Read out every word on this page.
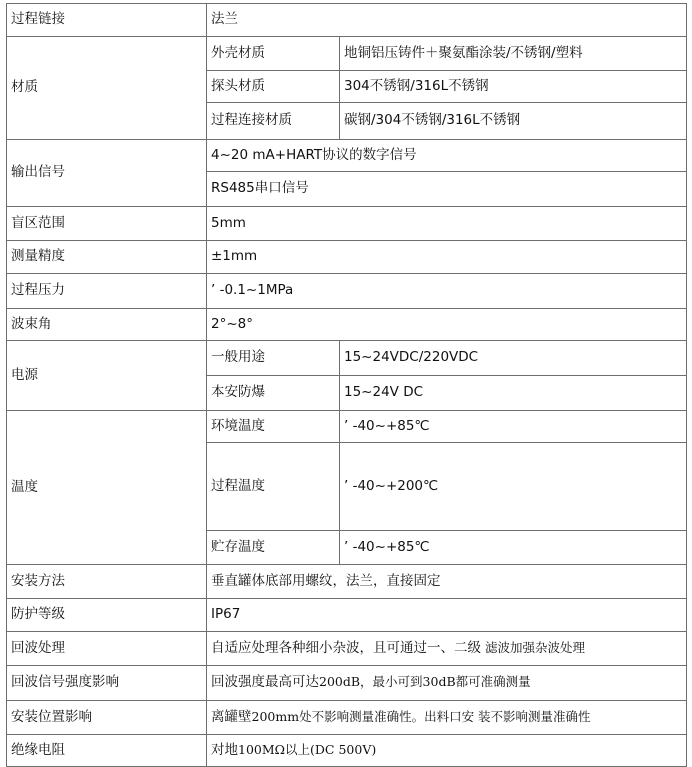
过程链接	法兰	
材质	外壳材质	地铜铝压铸件＋聚氨酯涂装/不锈钢/塑料
	探头材质	304不锈钢/316L不锈钢
	过程连接材质	碳钢/304不锈钢/316L不锈钢
输出信号	4~20 mA+HART协议的数字信号	
	RS485串口信号	
盲区范围	5mm	
测量精度	±1mm	
过程压力	’ -0.1~1MPa	
波束角	2°~8°	
电源	一般用途	15~24VDC/220VDC
	本安防爆	15~24V DC
温度	环境温度	’ -40~+85℃
	过程温度	’ -40~+200℃
	贮存温度	’ -40~+85℃
安装方法	垂直罐体底部用螺纹，法兰，直接固定	
防护等级	IP67	
回波处理	自适应处理各种细小杂波，且可通过一、二级 滤波加强杂波处理	
回波信号强度影响	回波强度最高可达200dB，最小可到30dB都可准确测量	
安装位置影响	离罐壁200mm处不影响测量准确性。出料口安 装不影响测量准确性	
绝缘电阻	对地100MΩ以上(DC 500V)	
